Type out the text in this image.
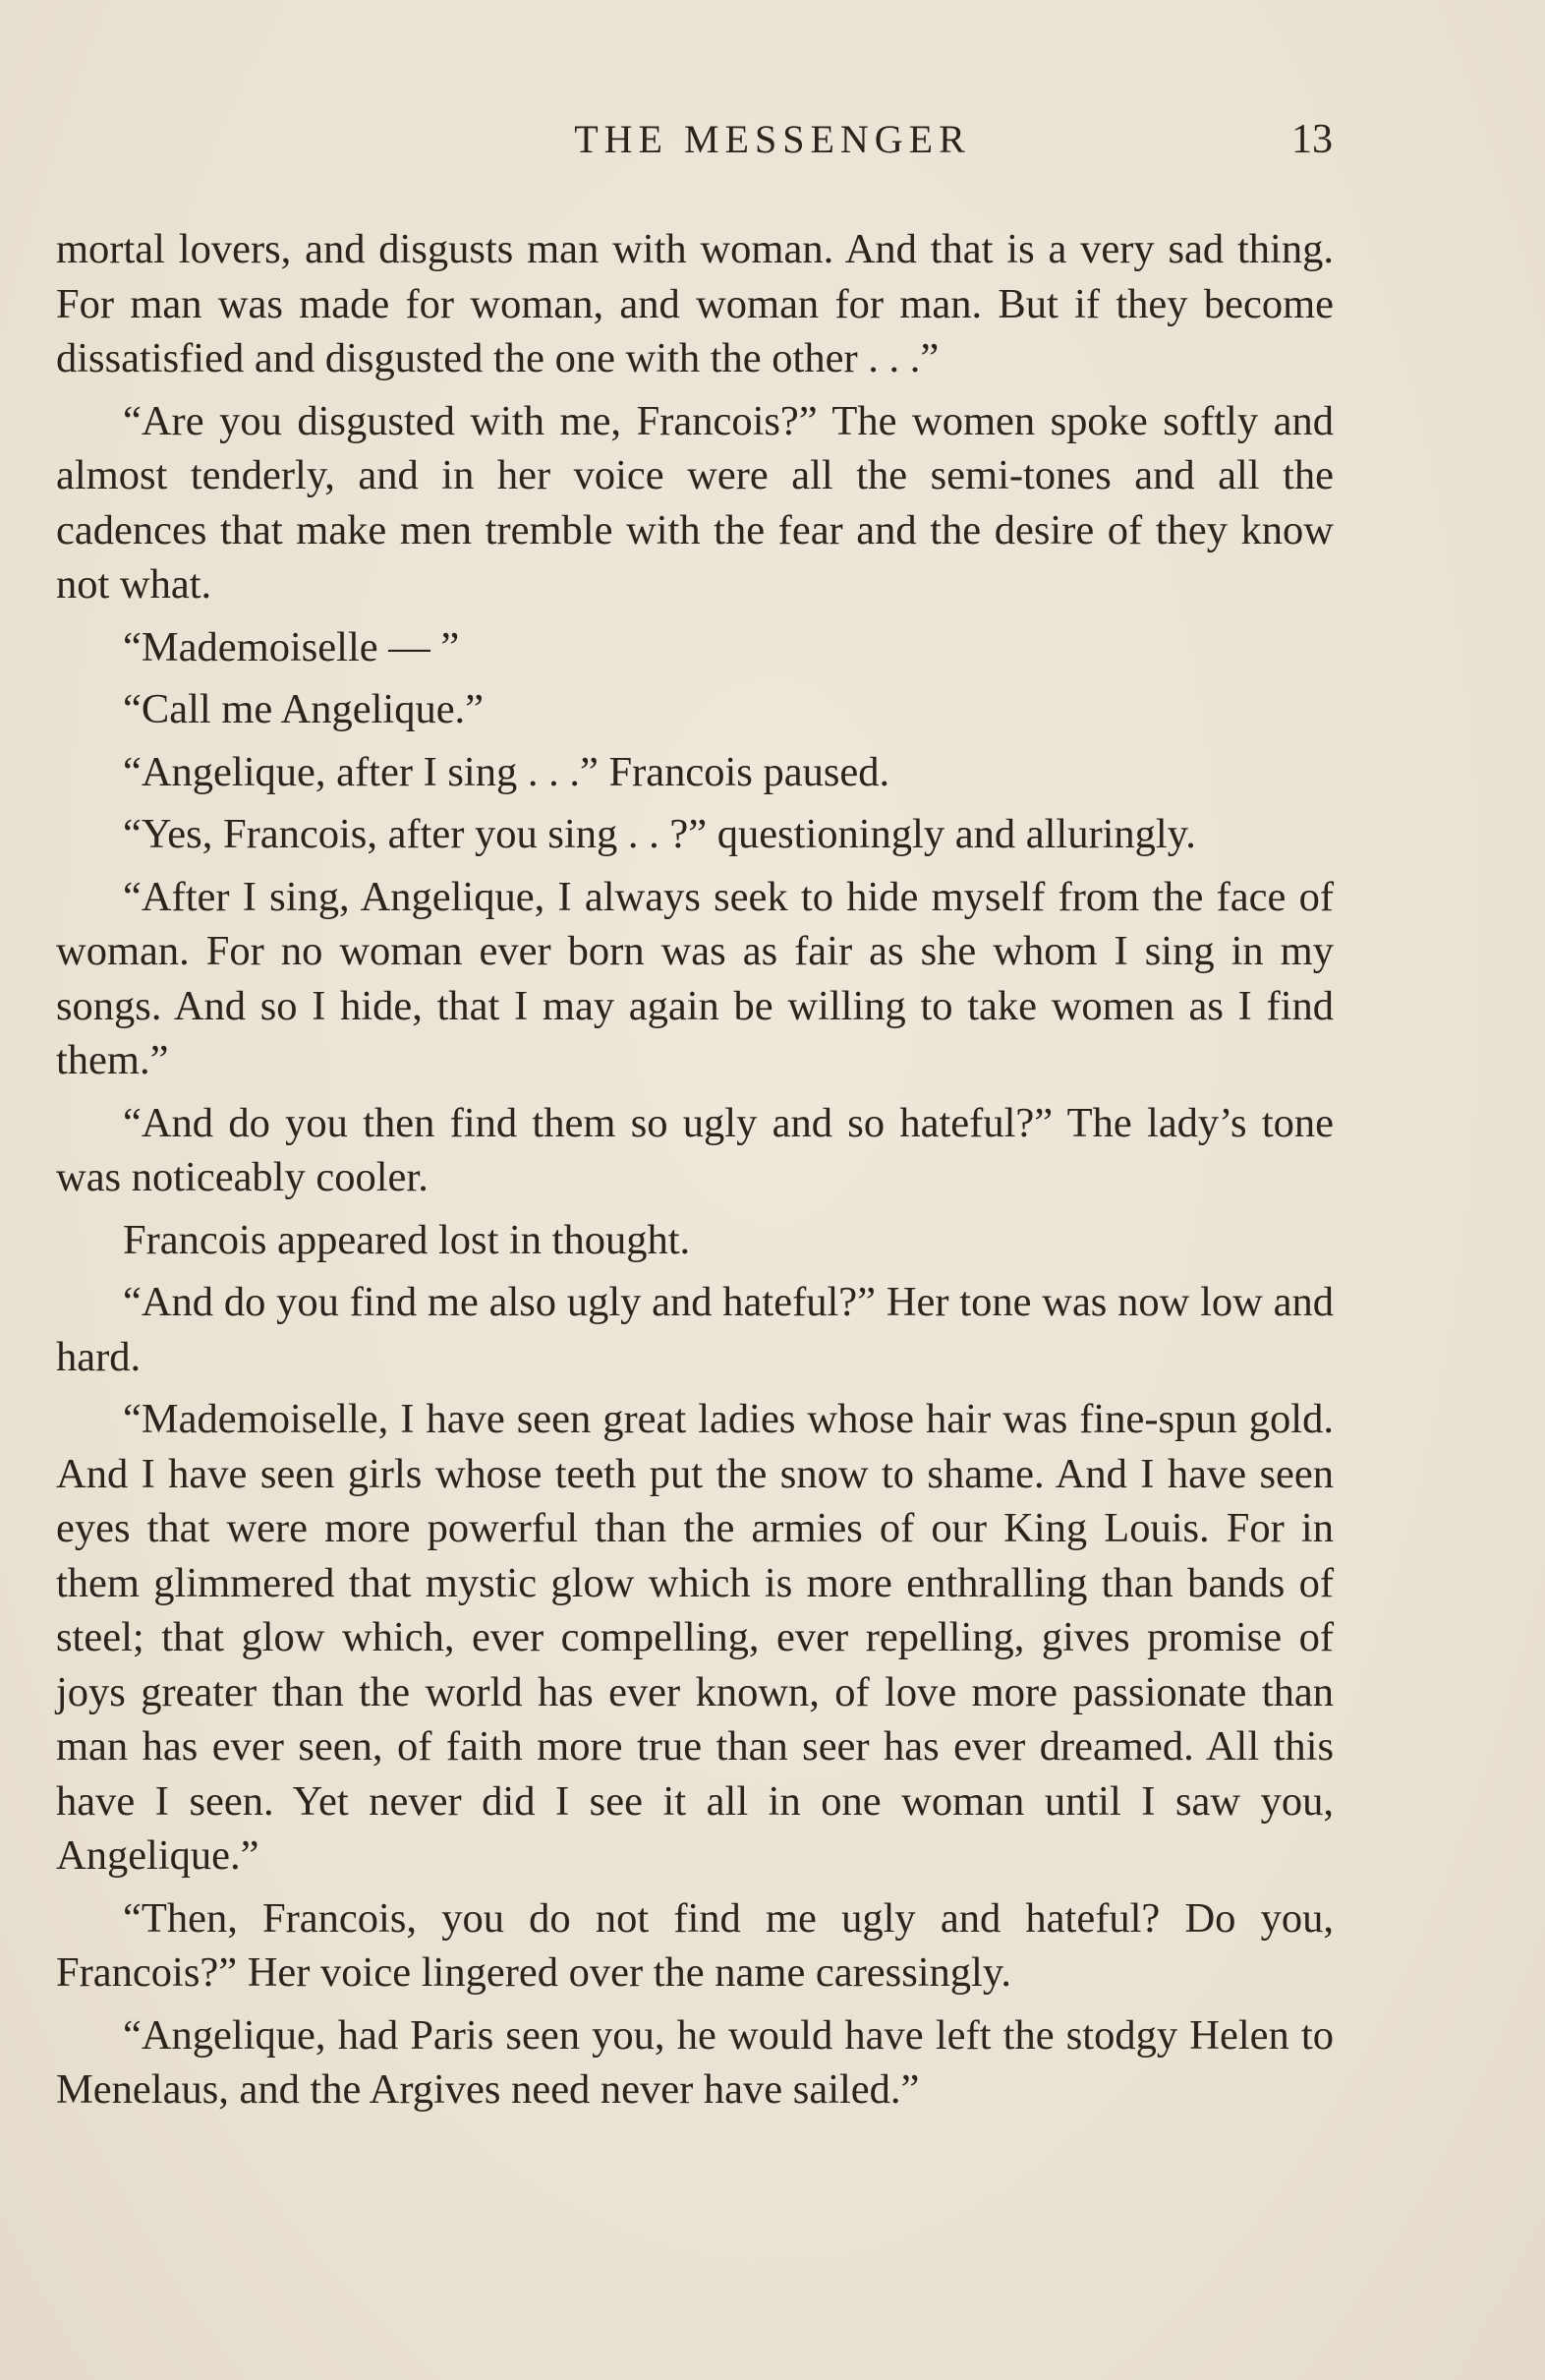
THE MESSENGER	13

mortal lovers, and disgusts man with woman. And that is a very sad thing. For man was made for woman, and woman for man. But if they become dissatisfied and disgusted the one with the other . . .”

“Are you disgusted with me, Francois?” The women spoke softly and almost tenderly, and in her voice were all the semi-tones and all the cadences that make men tremble with the fear and the desire of they know not what.

“Mademoiselle — ”

“Call me Angelique.”

“Angelique, after I sing . . .” Francois paused.

“Yes, Francois, after you sing . . ?” questioningly and alluringly.

“After I sing, Angelique, I always seek to hide myself from the face of woman. For no woman ever born was as fair as she whom I sing in my songs. And so I hide, that I may again be willing to take women as I find them.”

“And do you then find them so ugly and so hateful?” The lady’s tone was noticeably cooler.

Francois appeared lost in thought.

“And do you find me also ugly and hateful?” Her tone was now low and hard.

“Mademoiselle, I have seen great ladies whose hair was fine-spun gold. And I have seen girls whose teeth put the snow to shame. And I have seen eyes that were more powerful than the armies of our King Louis. For in them glimmered that mystic glow which is more enthralling than bands of steel; that glow which, ever compelling, ever repelling, gives promise of joys greater than the world has ever known, of love more passionate than man has ever seen, of faith more true than seer has ever dreamed. All this have I seen. Yet never did I see it all in one woman until I saw you, Angelique.”

“Then, Francois, you do not find me ugly and hateful? Do you, Francois?” Her voice lingered over the name caressingly.

“Angelique, had Paris seen you, he would have left the stodgy Helen to Menelaus, and the Argives need never have sailed.”
